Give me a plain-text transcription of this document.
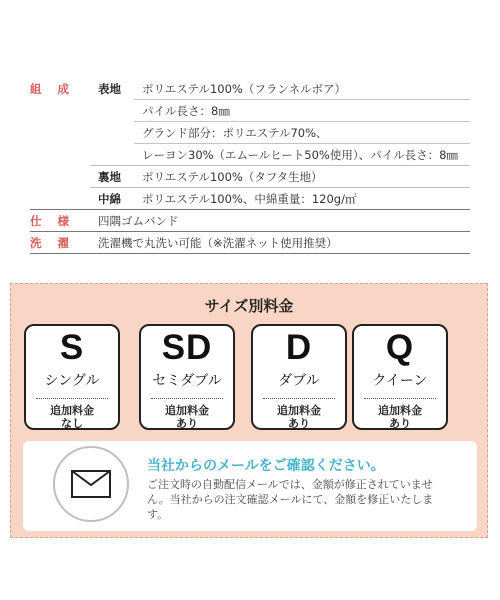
組 成	表地	ポリエステル100%（フランネルボア）
パイル長さ：8㎜
グランド部分：ポリエステル70%、
レーヨン30%（エムールヒート50%使用）、パイル長さ：8㎜
裏地	ポリエステル100%（タフタ生地）
中綿	ポリエステル100%、中綿重量：120g/㎡
仕 様	四隅ゴムバンド
洗 濯	洗濯機で丸洗い可能（※洗濯ネット使用推奨）
サイズ別料金
S
シングル
追加料金
なし
SD
セミダブル
追加料金
あり
D
ダブル
追加料金
あり
Q
クイーン
追加料金
あり
当社からのメールをご確認ください。
ご注文時の自動配信メールでは、金額が修正されていません。当社からの注文確認メールにて、金額を修正いたします。
